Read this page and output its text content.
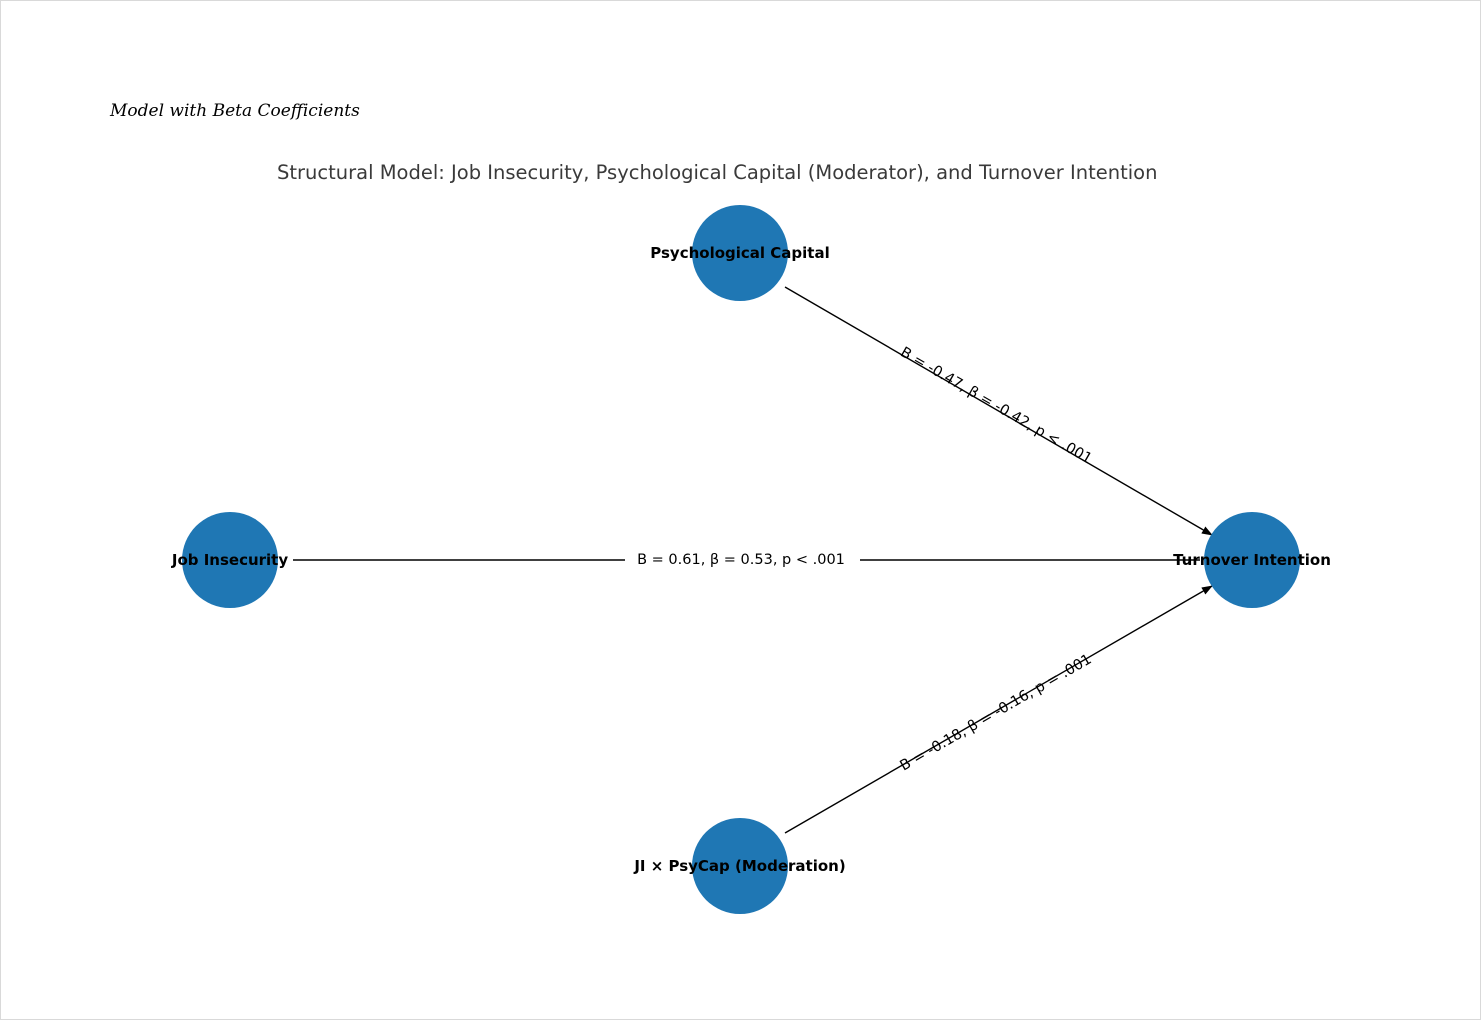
Model with Beta Coefficients
Structural Model: Job Insecurity, Psychological Capital (Moderator), and Turnover Intention
Psychological Capital
Job Insecurity	Turnover Intention
JI × PsyCap (Moderation)
B = -0.47, β = -0.42, p < .001
B = 0.61, β = 0.53, p < .001
B = -0.18, β = -0.16, p = .001
